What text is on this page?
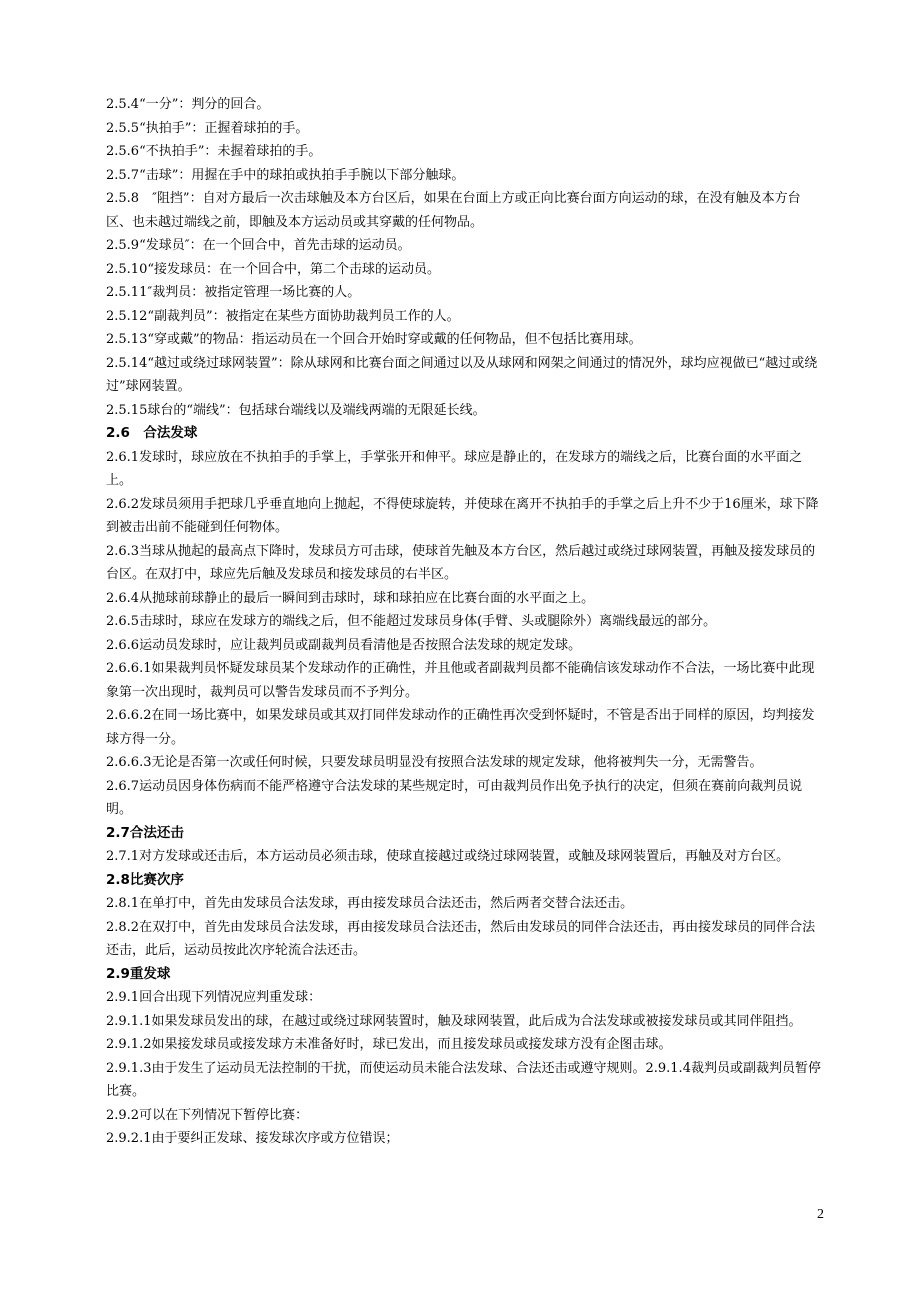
2.5.4“一分”：判分的回合。
2.5.5“执拍手”：正握着球拍的手。
2.5.6“不执拍手”：未握着球拍的手。
2.5.7“击球”：用握在手中的球拍或执拍手手腕以下部分触球。
2.5.8　″阻挡”：自对方最后一次击球触及本方台区后，如果在台面上方或正向比赛台面方向运动的球，在没有触及本方台区、也未越过端线之前，即触及本方运动员或其穿戴的任何物品。
2.5.9“发球员″：在一个回合中，首先击球的运动员。
2.5.10“接发球员：在一个回合中，第二个击球的运动员。
2.5.11″裁判员：被指定管理一场比赛的人。
2.5.12“副裁判员”：被指定在某些方面协助裁判员工作的人。
2.5.13“穿或戴”的物品：指运动员在一个回合开始时穿或戴的任何物品，但不包括比赛用球。
2.5.14“越过或绕过球网装置”：除从球网和比赛台面之间通过以及从球网和网架之间通过的情况外，球均应视做已“越过或绕过”球网装置。
2.5.15球台的“端线”：包括球台端线以及端线两端的无限延长线。
2.6　合法发球
2.6.1发球时，球应放在不执拍手的手掌上，手掌张开和伸平。球应是静止的，在发球方的端线之后，比赛台面的水平面之上。
2.6.2发球员须用手把球几乎垂直地向上抛起，不得使球旋转，并使球在离开不执拍手的手掌之后上升不少于16厘米，球下降到被击出前不能碰到任何物体。
2.6.3当球从抛起的最高点下降时，发球员方可击球，使球首先触及本方台区，然后越过或绕过球网装置，再触及接发球员的台区。在双打中，球应先后触及发球员和接发球员的右半区。
2.6.4从抛球前球静止的最后一瞬间到击球时，球和球拍应在比赛台面的水平面之上。
2.6.5击球时，球应在发球方的端线之后，但不能超过发球员身体(手臂、头或腿除外）离端线最远的部分。
2.6.6运动员发球时，应让裁判员或副裁判员看清他是否按照合法发球的规定发球。
2.6.6.1如果裁判员怀疑发球员某个发球动作的正确性，并且他或者副裁判员都不能确信该发球动作不合法，一场比赛中此现象第一次出现时，裁判员可以警告发球员而不予判分。
2.6.6.2在同一场比赛中，如果发球员或其双打同伴发球动作的正确性再次受到怀疑时，不管是否出于同样的原因，均判接发球方得一分。
2.6.6.3无论是否第一次或任何时候，只要发球员明显没有按照合法发球的规定发球，他将被判失一分，无需警告。
2.6.7运动员因身体伤病而不能严格遵守合法发球的某些规定时，可由裁判员作出免予执行的决定，但须在赛前向裁判员说明。
2.7合法还击
2.7.1对方发球或还击后，本方运动员必须击球，使球直接越过或绕过球网装置，或触及球网装置后，再触及对方台区。
2.8比赛次序
2.8.1在单打中，首先由发球员合法发球，再由接发球员合法还击，然后两者交替合法还击。
2.8.2在双打中，首先由发球员合法发球，再由接发球员合法还击，然后由发球员的同伴合法还击，再由接发球员的同伴合法还击，此后，运动员按此次序轮流合法还击。
2.9重发球
2.9.1回合出现下列情况应判重发球：
2.9.1.1如果发球员发出的球，在越过或绕过球网装置时，触及球网装置，此后成为合法发球或被接发球员或其同伴阻挡。
2.9.1.2如果接发球员或接发球方未准备好时，球已发出，而且接发球员或接发球方没有企图击球。
2.9.1.3由于发生了运动员无法控制的干扰，而使运动员未能合法发球、合法还击或遵守规则。2.9.1.4裁判员或副裁判员暂停比赛。
2.9.2可以在下列情况下暂停比赛：
2.9.2.1由于要纠正发球、接发球次序或方位错误；
2
